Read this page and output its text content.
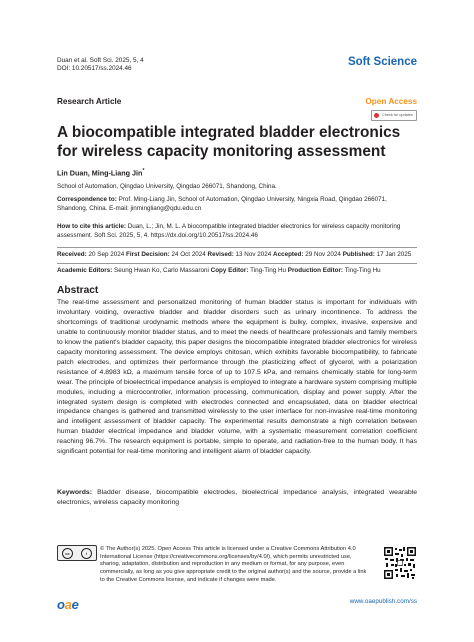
Duan et al. Soft Sci. 2025, 5, 4
DOI: 10.20517/ss.2024.46
Soft Science
Research Article	Open Access
Check for updates
A biocompatible integrated bladder electronics for wireless capacity monitoring assessment
Lin Duan, Ming-Liang Jin*
School of Automation, Qingdao University, Qingdao 266071, Shandong, China.
Correspondence to: Prof. Ming-Liang Jin, School of Automation, Qingdao University, Ningxia Road, Qingdao 266071, Shandong, China. E-mail: jinmingliang@qdu.edu.cn
How to cite this article: Duan, L.; Jin, M. L. A biocompatible integrated bladder electronics for wireless capacity monitoring assessment. Soft Sci. 2025, 5, 4. https://dx.doi.org/10.20517/ss.2024.46
Received: 20 Sep 2024 First Decision: 24 Oct 2024 Revised: 13 Nov 2024 Accepted: 29 Nov 2024 Published: 17 Jan 2025
Academic Editors: Seung Hwan Ko, Carlo Massaroni Copy Editor: Ting-Ting Hu Production Editor: Ting-Ting Hu
Abstract
The real-time assessment and personalized monitoring of human bladder status is important for individuals with involuntary voiding, overactive bladder and bladder disorders such as urinary incontinence. To address the shortcomings of traditional urodynamic methods where the equipment is bulky, complex, invasive, expensive and unable to continuously monitor bladder status, and to meet the needs of healthcare professionals and family members to know the patient's bladder capacity, this paper designs the biocompatible integrated bladder electronics for wireless capacity monitoring assessment. The device employs chitosan, which exhibits favorable biocompatibility, to fabricate patch electrodes, and optimizes their performance through the plasticizing effect of glycerol, with a polarization resistance of 4.8983 kΩ, a maximum tensile force of up to 107.5 kPa, and remains chemically stable for long-term wear. The principle of bioelectrical impedance analysis is employed to integrate a hardware system comprising multiple modules, including a microcontroller, information processing, communication, display and power supply. After the integrated system design is completed with electrodes connected and encapsulated, data on bladder electrical impedance changes is gathered and transmitted wirelessly to the user interface for non-invasive real-time monitoring and intelligent assessment of bladder capacity. The experimental results demonstrate a high correlation between human bladder electrical impedance and bladder volume, with a systematic measurement correlation coefficient reaching 96.7%. The research equipment is portable, simple to operate, and radiation-free to the human body. It has significant potential for real-time monitoring and intelligent alarm of bladder capacity.
Keywords: Bladder disease, biocompatible electrodes, bioelectrical impedance analysis, integrated wearable electronics, wireless capacity monitoring
cc	i
© The Author(s) 2025. Open Access This article is licensed under a Creative Commons Attribution 4.0 International License (https://creativecommons.org/licenses/by/4.0/), which permits unrestricted use, sharing, adaptation, distribution and reproduction in any medium or format, for any purpose, even commercially, as long as you give appropriate credit to the original author(s) and the source, provide a link to the Creative Commons license, and indicate if changes were made.
oae	www.oaepublish.com/ss
